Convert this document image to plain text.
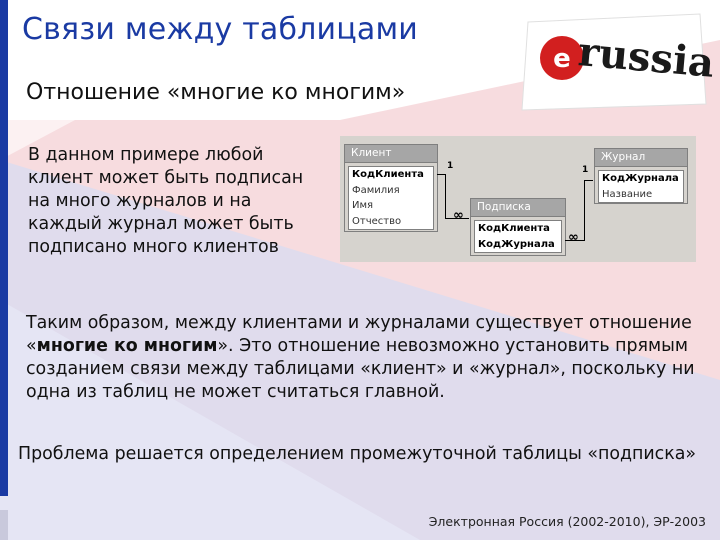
Связи между таблицами
Отношение «многие ко многим»
e russia
В данном примере любой клиент может быть подписан на много журналов и на каждый журнал может быть подписано много клиентов
Клиент
КодКлиента
Фамилия
Имя
Отчество
Журнал
КодЖурнала
Название
Подписка
КодКлиента
КодЖурнала
1
∞
1
∞
Таким образом, между клиентами и журналами существует отношение «многие ко многим». Это отношение невозможно установить прямым созданием связи между таблицами «клиент» и «журнал», поскольку ни одна из таблиц не может считаться главной.
Проблема решается определением промежуточной таблицы «подписка»
Электронная Россия (2002-2010), ЭР-2003
